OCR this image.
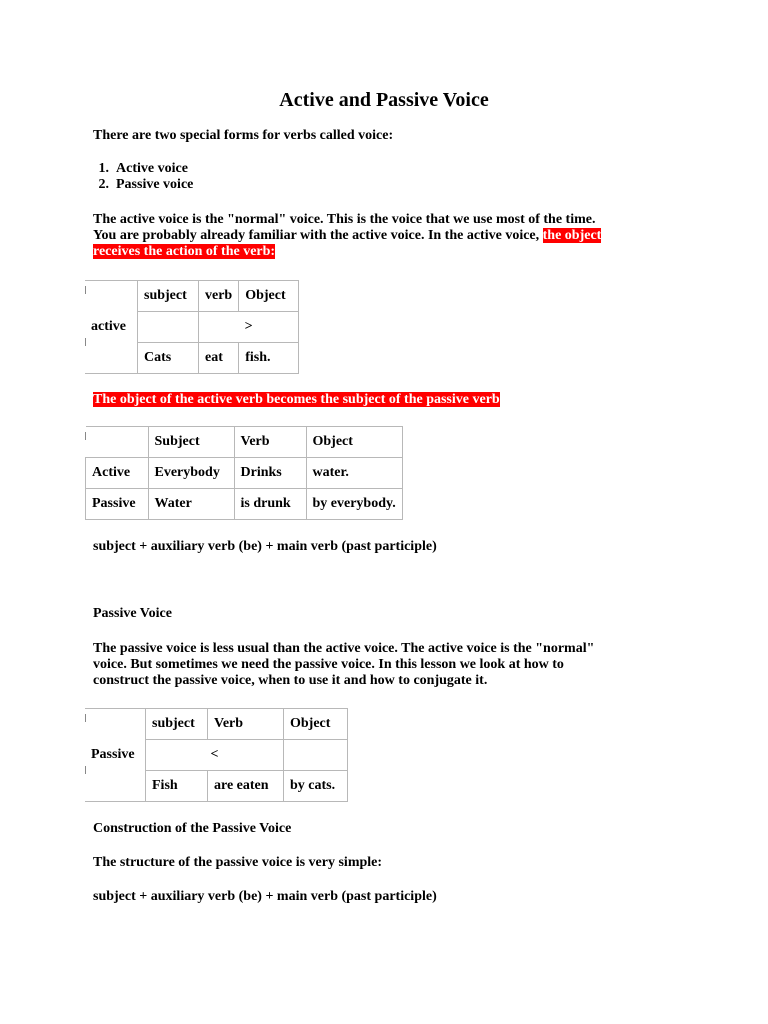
Active and Passive Voice
There are two special forms for verbs called voice:
1. Active voice
2. Passive voice
The active voice is the "normal" voice. This is the voice that we use most of the time.
You are probably already familiar with the active voice. In the active voice, the object
receives the action of the verb:
active	subject	verb	Object
		>	
	Cats	eat	fish.
The object of the active verb becomes the subject of the passive verb
	Subject	Verb	Object
Active	Everybody	Drinks	water.
Passive	Water	is drunk	by everybody.
subject + auxiliary verb (be) + main verb (past participle)
Passive Voice
The passive voice is less usual than the active voice. The active voice is the "normal"
voice. But sometimes we need the passive voice. In this lesson we look at how to
construct the passive voice, when to use it and how to conjugate it.
Passive	subject	Verb	Object
	<		
	Fish	are eaten	by cats.
Construction of the Passive Voice
The structure of the passive voice is very simple:
subject + auxiliary verb (be) + main verb (past participle)
